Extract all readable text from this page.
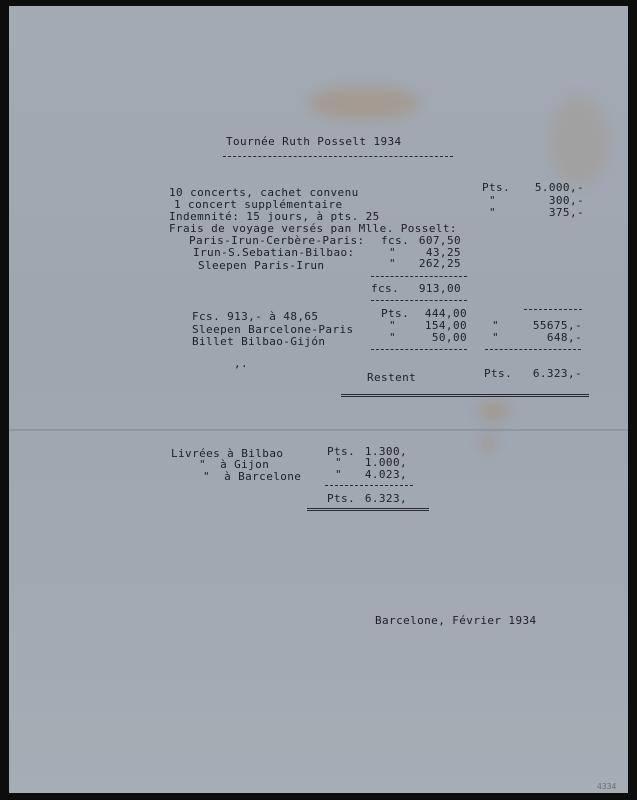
Tournée Ruth Posselt 1934
10 concerts, cachet convenu	Pts.	5.000,-
1 concert supplémentaire	"	300,-
Indemnité: 15 jours, à pts. 25	"	375,-
Frais de voyage versés pan Mlle. Posselt:
Paris-Irun-Cerbère-Paris: fcs. 607,50
Irun-S.Sebatian-Bilbao:	"	43,25
Sleepen Paris-Irun	"	262,25
fcs.	913,00
Fcs. 913,- à 48,65	Pts.	444,00
Sleepen Barcelone-Paris	"	154,00 "	55675,-
Billet Bilbao-Gijón	"	50,00 "	648,-
,.
Restent	Pts.	6.323,-
Livrées à Bilbao	Pts. 1.300,
"  à Gijon	"	1.000,
"  à Barcelone	"	4.023,
Pts. 6.323,
Barcelone, Février 1934
4334
